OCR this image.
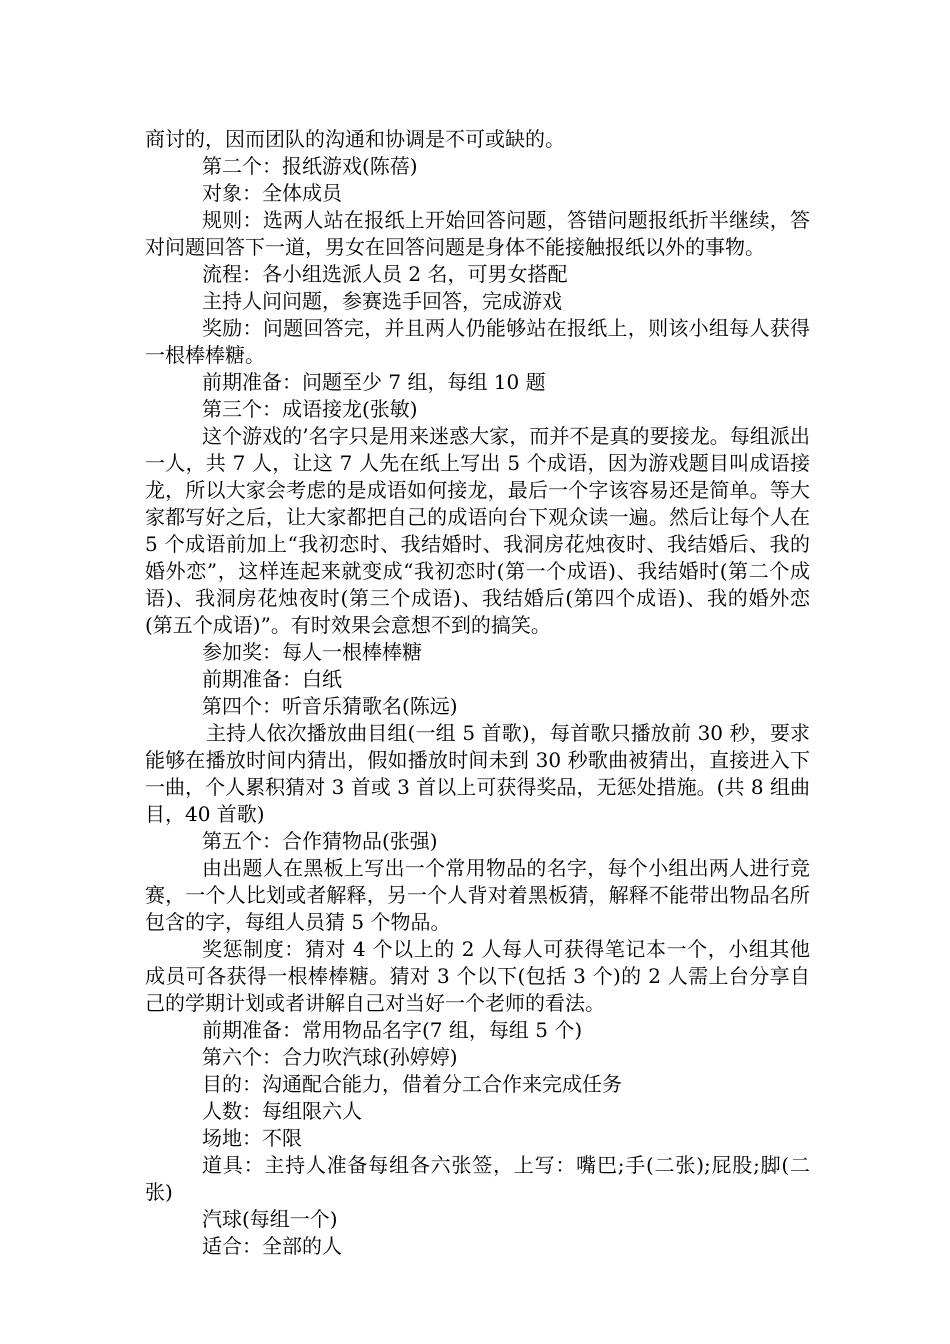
商讨的，因而团队的沟通和协调是不可或缺的。

第二个：报纸游戏(陈蓓)

对象：全体成员

规则：选两人站在报纸上开始回答问题，答错问题报纸折半继续，答对问题回答下一道，男女在回答问题是身体不能接触报纸以外的事物。

流程：各小组选派人员 2 名，可男女搭配

主持人问问题，参赛选手回答，完成游戏

奖励：问题回答完，并且两人仍能够站在报纸上，则该小组每人获得一根棒棒糖。

前期准备：问题至少 7 组，每组 10 题

第三个：成语接龙(张敏)

这个游戏的’名字只是用来迷惑大家，而并不是真的要接龙。每组派出一人，共 7 人，让这 7 人先在纸上写出 5 个成语，因为游戏题目叫成语接龙，所以大家会考虑的是成语如何接龙，最后一个字该容易还是简单。等大家都写好之后，让大家都把自己的成语向台下观众读一遍。然后让每个人在 5 个成语前加上“我初恋时、我结婚时、我洞房花烛夜时、我结婚后、我的婚外恋”，这样连起来就变成“我初恋时(第一个成语)、我结婚时(第二个成语)、我洞房花烛夜时(第三个成语)、我结婚后(第四个成语)、我的婚外恋(第五个成语)”。有时效果会意想不到的搞笑。

参加奖：每人一根棒棒糖

前期准备：白纸

第四个：听音乐猜歌名(陈远)

主持人依次播放曲目组(一组 5 首歌)，每首歌只播放前 30 秒，要求能够在播放时间内猜出，假如播放时间未到 30 秒歌曲被猜出，直接进入下一曲，个人累积猜对 3 首或 3 首以上可获得奖品，无惩处措施。(共 8 组曲目，40 首歌)

第五个：合作猜物品(张强)

由出题人在黑板上写出一个常用物品的名字，每个小组出两人进行竞赛，一个人比划或者解释，另一个人背对着黑板猜，解释不能带出物品名所包含的字，每组人员猜 5 个物品。

奖惩制度：猜对 4 个以上的 2 人每人可获得笔记本一个，小组其他成员可各获得一根棒棒糖。猜对 3 个以下(包括 3 个)的 2 人需上台分享自己的学期计划或者讲解自己对当好一个老师的看法。

前期准备：常用物品名字(7 组，每组 5 个)

第六个：合力吹汽球(孙婷婷)

目的：沟通配合能力，借着分工合作来完成任务

人数：每组限六人

场地：不限

道具：主持人准备每组各六张签，上写：嘴巴;手(二张);屁股;脚(二张)

汽球(每组一个)

适合：全部的人
